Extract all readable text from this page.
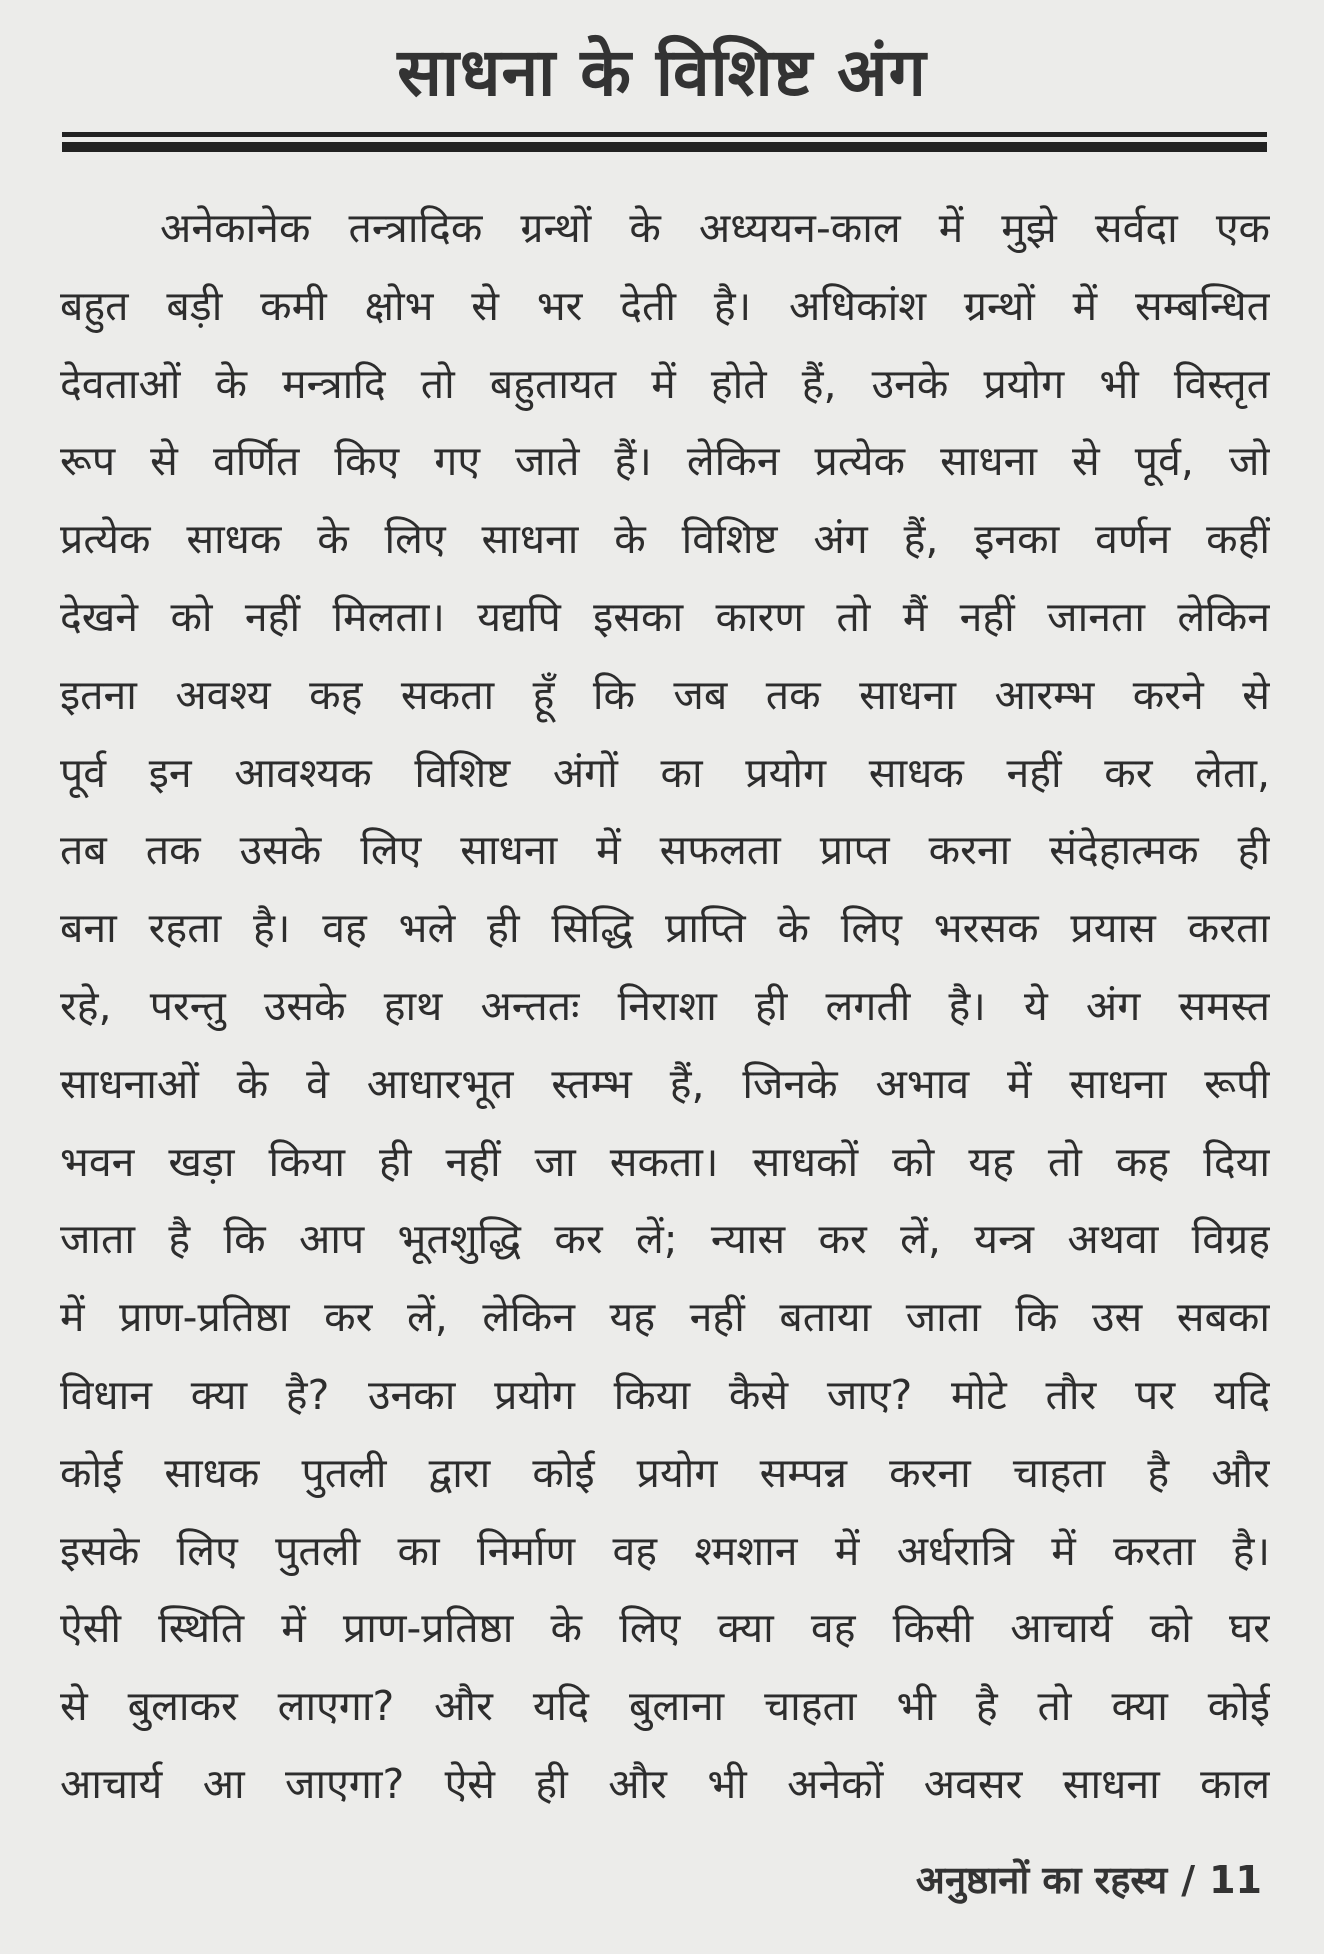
साधना के विशिष्ट अंग
अनेकानेक तन्त्रादिक ग्रन्थों के अध्ययन-काल में मुझे सर्वदा एक
बहुत बड़ी कमी क्षोभ से भर देती है। अधिकांश ग्रन्थों में सम्बन्धित
देवताओं के मन्त्रादि तो बहुतायत में होते हैं, उनके प्रयोग भी विस्तृत
रूप से वर्णित किए गए जाते हैं। लेकिन प्रत्येक साधना से पूर्व, जो
प्रत्येक साधक के लिए साधना के विशिष्ट अंग हैं, इनका वर्णन कहीं
देखने को नहीं मिलता। यद्यपि इसका कारण तो मैं नहीं जानता लेकिन
इतना अवश्य कह सकता हूँ कि जब तक साधना आरम्भ करने से
पूर्व इन आवश्यक विशिष्ट अंगों का प्रयोग साधक नहीं कर लेता,
तब तक उसके लिए साधना में सफलता प्राप्त करना संदेहात्मक ही
बना रहता है। वह भले ही सिद्धि प्राप्ति के लिए भरसक प्रयास करता
रहे, परन्तु उसके हाथ अन्ततः निराशा ही लगती है। ये अंग समस्त
साधनाओं के वे आधारभूत स्तम्भ हैं, जिनके अभाव में साधना रूपी
भवन खड़ा किया ही नहीं जा सकता। साधकों को यह तो कह दिया
जाता है कि आप भूतशुद्धि कर लें; न्यास कर लें, यन्त्र अथवा विग्रह
में प्राण-प्रतिष्ठा कर लें, लेकिन यह नहीं बताया जाता कि उस सबका
विधान क्या है? उनका प्रयोग किया कैसे जाए? मोटे तौर पर यदि
कोई साधक पुतली द्वारा कोई प्रयोग सम्पन्न करना चाहता है और
इसके लिए पुतली का निर्माण वह श्मशान में अर्धरात्रि में करता है।
ऐसी स्थिति में प्राण-प्रतिष्ठा के लिए क्या वह किसी आचार्य को घर
से बुलाकर लाएगा? और यदि बुलाना चाहता भी है तो क्या कोई
आचार्य आ जाएगा? ऐसे ही और भी अनेकों अवसर साधना काल
अनुष्ठानों का रहस्य / 11
